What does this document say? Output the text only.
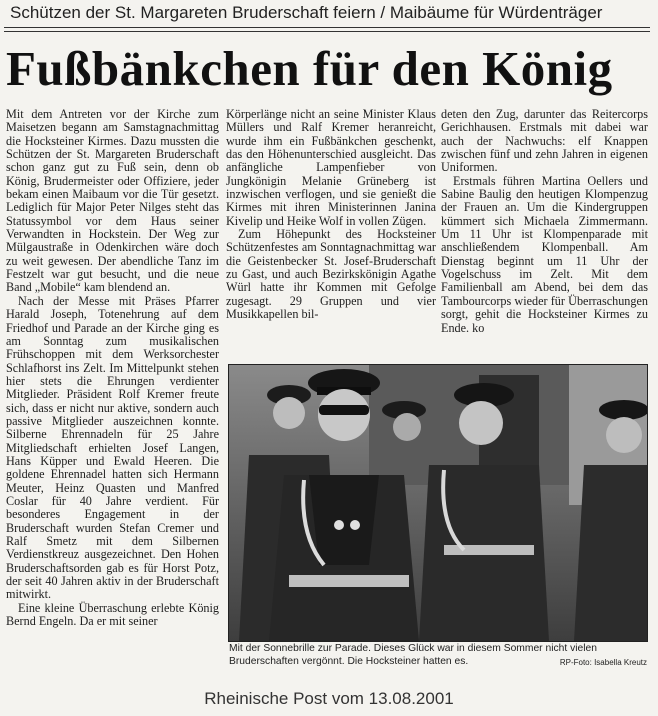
Schützen der St. Margareten Bruderschaft feiern / Maibäume für Würdenträger
Fußbänkchen für den König

Mit dem Antreten vor der Kirche zum Maisetzen begann am Samstagnachmittag die Hocksteiner Kirmes. Dazu mussten die Schützen der St. Margareten Bruderschaft schon ganz gut zu Fuß sein, denn ob König, Brudermeister oder Offiziere, jeder bekam einen Maibaum vor die Tür gesetzt. Lediglich für Major Peter Nilges steht das Statussymbol vor dem Haus seiner Verwandten in Hockstein. Der Weg zur Mülgaustraße in Odenkirchen wäre doch zu weit gewesen. Der abendliche Tanz im Festzelt war gut besucht, und die neue Band „Mobile“ kam blendend an.

Nach der Messe mit Präses Pfarrer Harald Joseph, Totenehrung auf dem Friedhof und Parade an der Kirche ging es am Sonntag zum musikalischen Frühschoppen mit dem Werksorchester Schlafhorst ins Zelt. Im Mittelpunkt stehen hier stets die Ehrungen verdienter Mitglieder. Präsident Rolf Kremer freute sich, dass er nicht nur aktive, sondern auch passive Mitglieder auszeichnen konnte. Silberne Ehrennadeln für 25 Jahre Mitgliedschaft erhielten Josef Langen, Hans Küpper und Ewald Heeren. Die goldene Ehrennadel hatten sich Hermann Meuter, Heinz Quasten und Manfred Coslar für 40 Jahre verdient. Für besonderes Engagement in der Bruderschaft wurden Stefan Cremer und Ralf Smetz mit dem Silbernen Verdienstkreuz ausgezeichnet. Den Hohen Bruderschaftsorden gab es für Horst Potz, der seit 40 Jahren aktiv in der Bruderschaft mitwirkt.

Eine kleine Überraschung erlebte König Bernd Engeln. Da er mit seiner

Körperlänge nicht an seine Minister Klaus Müllers und Ralf Kremer heranreicht, wurde ihm ein Fußbänkchen geschenkt, das den Höhenunterschied ausgleicht. Das anfängliche Lampenfieber von Jungkönigin Melanie Grüneberg ist inzwischen verflogen, und sie genießt die Kirmes mit ihren Ministerinnen Janina Kivelip und Heike Wolf in vollen Zügen.

Zum Höhepunkt des Hocksteiner Schützenfestes am Sonntagnachmittag war die Geistenbecker St. Josef-Bruderschaft zu Gast, und auch Bezirkskönigin Agathe Würl hatte ihr Kommen mit Gefolge zugesagt. 29 Gruppen und vier Musikkapellen bil-

deten den Zug, darunter das Reitercorps Gerichhausen. Erstmals mit dabei war auch der Nachwuchs: elf Knappen zwischen fünf und zehn Jahren in eigenen Uniformen.

Erstmals führen Martina Oellers und Sabine Baulig den heutigen Klompenzug der Frauen an. Um die Kindergruppen kümmert sich Michaela Zimmermann. Um 11 Uhr ist Klompenparade mit anschließendem Klompenball. Am Dienstag beginnt um 11 Uhr der Vogelschuss im Zelt. Mit dem Familienball am Abend, bei dem das Tambourcorps wieder für Überraschungen sorgt, gehit die Hocksteiner Kirmes zu Ende. ko

Mit der Sonnebrille zur Parade. Dieses Glück war in diesem Sommer nicht vielen Bruderschaften vergönnt. Die Hocksteiner hatten es.	RP-Foto: Isabella Kreutz
Rheinische Post vom 13.08.2001
